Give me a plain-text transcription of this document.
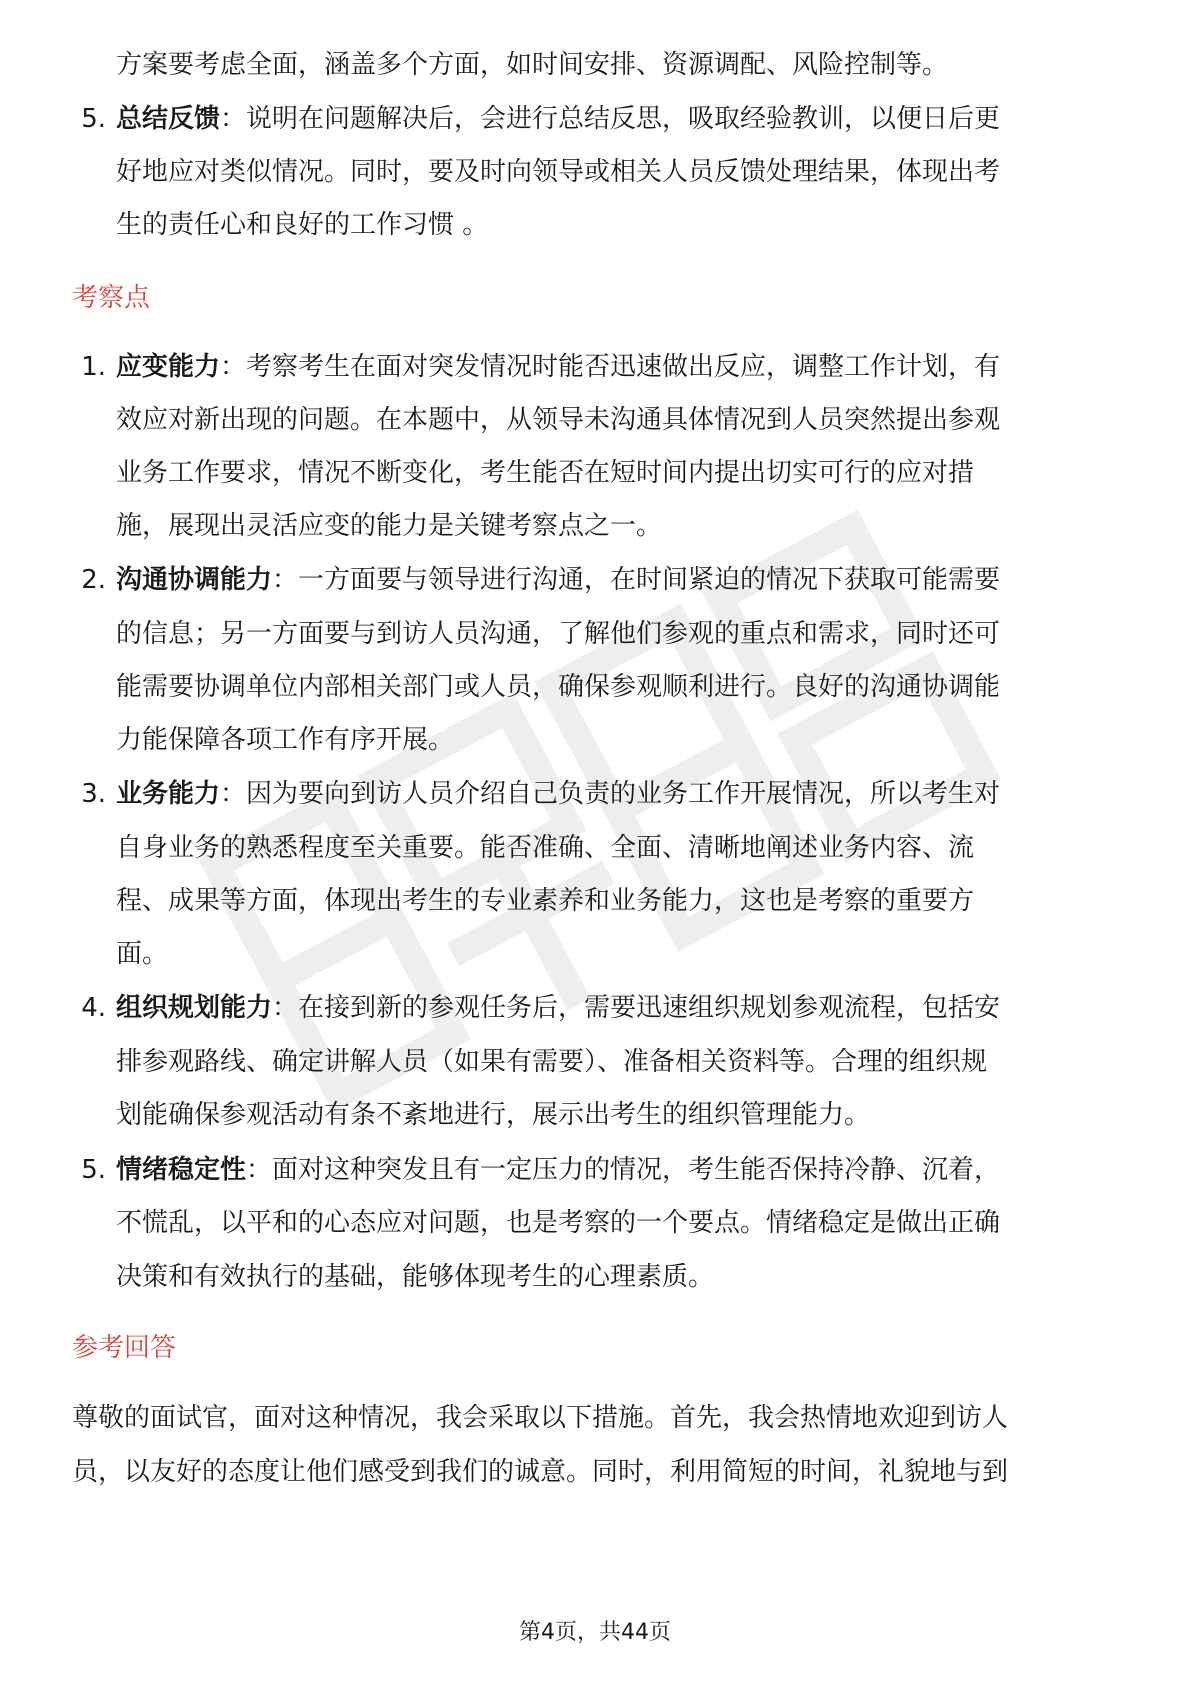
方案要考虑全面，涵盖多个方面，如时间安排、资源调配、风险控制等。
5. 总结反馈：说明在问题解决后，会进行总结反思，吸取经验教训，以便日后更
好地应对类似情况。同时，要及时向领导或相关人员反馈处理结果，体现出考
生的责任心和良好的工作习惯 。
考察点
1. 应变能力：考察考生在面对突发情况时能否迅速做出反应，调整工作计划，有
效应对新出现的问题。在本题中，从领导未沟通具体情况到人员突然提出参观
业务工作要求，情况不断变化，考生能否在短时间内提出切实可行的应对措
施，展现出灵活应变的能力是关键考察点之一。
2. 沟通协调能力：一方面要与领导进行沟通，在时间紧迫的情况下获取可能需要
的信息；另一方面要与到访人员沟通，了解他们参观的重点和需求，同时还可
能需要协调单位内部相关部门或人员，确保参观顺利进行。良好的沟通协调能
力能保障各项工作有序开展。
3. 业务能力：因为要向到访人员介绍自己负责的业务工作开展情况，所以考生对
自身业务的熟悉程度至关重要。能否准确、全面、清晰地阐述业务内容、流
程、成果等方面，体现出考生的专业素养和业务能力，这也是考察的重要方
面。
4. 组织规划能力：在接到新的参观任务后，需要迅速组织规划参观流程，包括安
排参观路线、确定讲解人员（如果有需要）、准备相关资料等。合理的组织规
划能确保参观活动有条不紊地进行，展示出考生的组织管理能力。
5. 情绪稳定性：面对这种突发且有一定压力的情况，考生能否保持冷静、沉着，
不慌乱，以平和的心态应对问题，也是考察的一个要点。情绪稳定是做出正确
决策和有效执行的基础，能够体现考生的心理素质。
参考回答
尊敬的面试官，面对这种情况，我会采取以下措施。首先，我会热情地欢迎到访人
员，以友好的态度让他们感受到我们的诚意。同时，利用简短的时间，礼貌地与到
第4页，共44页
